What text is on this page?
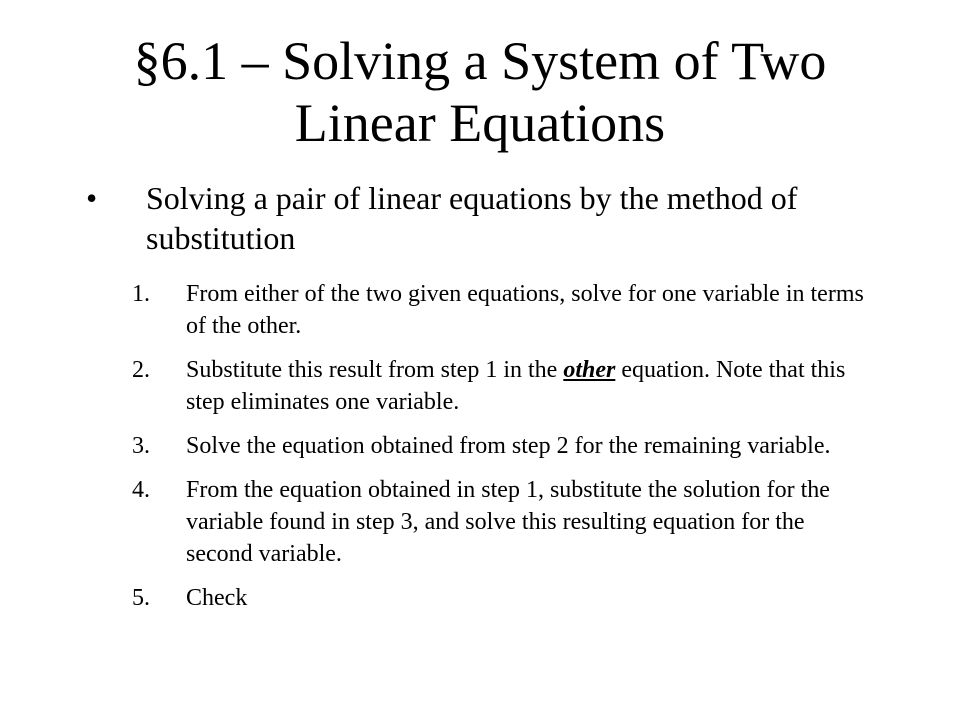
§6.1 – Solving a System of Two Linear Equations
• Solving a pair of linear equations by the method of substitution
1.	From either of the two given equations, solve for one variable in terms of the other.
2.	Substitute this result from step 1 in the other equation. Note that this step eliminates one variable.
3.	Solve the equation obtained from step 2 for the remaining variable.
4.	From the equation obtained in step 1, substitute the solution for the variable found in step 3, and solve this resulting equation for the second variable.
5.	Check
